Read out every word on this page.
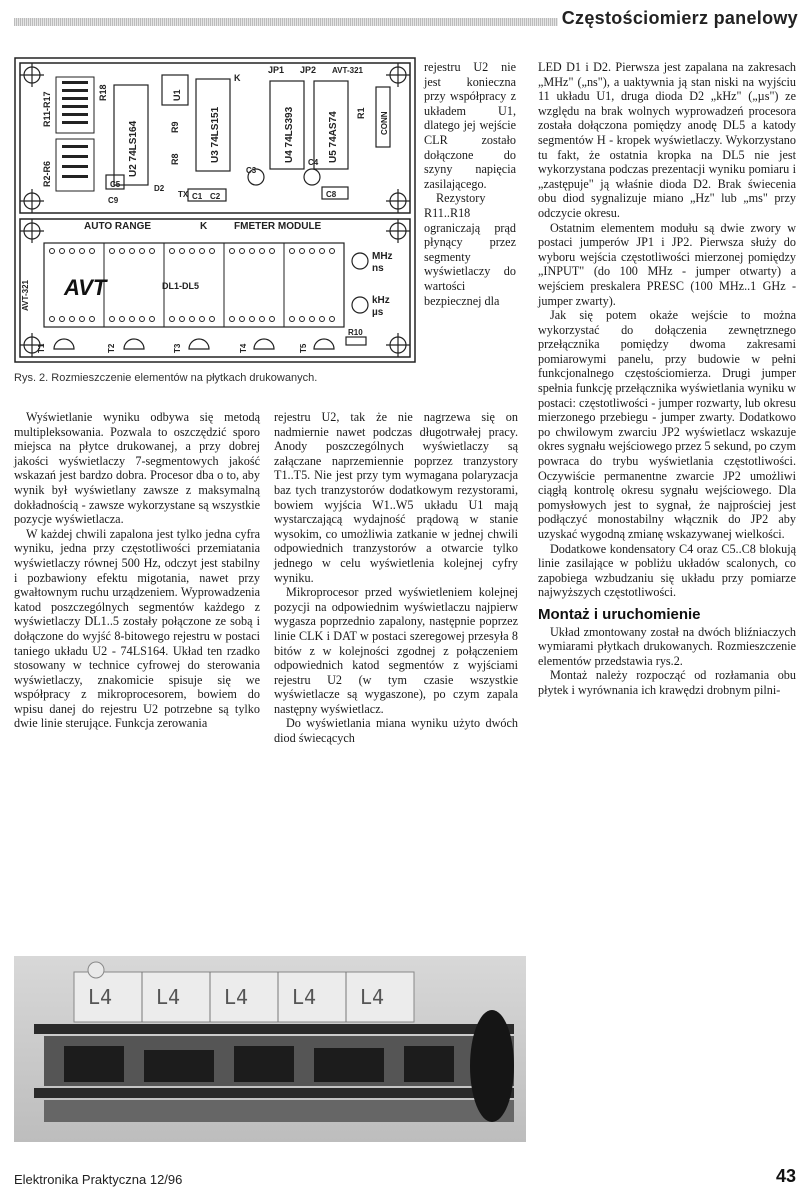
Częstościomierz panelowy
R11-R17
R2-R6	U2 74LS164	U3 74LS151	U4 74LS393	U5 74AS74
U1
R18
R9
R8
R1 CONN
K
JP1 JP2 AVT-321
C9
C5	D2
TX C1 C2
C3
C4
C8
AUTO RANGE	K	FMETER MODULE
AVT-321 AVT	DL1-DL5
MHz
ns
kHz
µs
T1	T2	T3	T4	T5
R10
Rys. 2. Rozmieszczenie elementów na płytkach drukowanych.

rejestru U2 nie jest konieczna przy współpracy z układem U1, dlatego jej wejście CLR zostało dołączone do szyny napięcia zasilającego.

Rezystory R11..R18 ograniczają prąd płynący przez segmenty wyświetlaczy do wartości bezpiecznej dla

Wyświetlanie wyniku odbywa się metodą multipleksowania. Pozwala to oszczędzić sporo miejsca na płytce drukowanej, a przy dobrej jakości wyświetlaczy 7-segmentowych jakość wskazań jest bardzo dobra. Procesor dba o to, aby wynik był wyświetlany zawsze z maksymalną dokładnością - zawsze wykorzystane są wszystkie pozycje wyświetlacza.

W każdej chwili zapalona jest tylko jedna cyfra wyniku, jedna przy częstotliwości przemiatania wyświetlaczy równej 500 Hz, odczyt jest stabilny i pozbawiony efektu migotania, nawet przy gwałtownym ruchu urządzeniem. Wyprowadzenia katod poszczególnych segmentów każdego z wyświetlaczy DL1..5 zostały połączone ze sobą i dołączone do wyjść 8-bitowego rejestru w postaci taniego układu U2 - 74LS164. Układ ten rzadko stosowany w technice cyfrowej do sterowania wyświetlaczy, znakomicie spisuje się we współpracy z mikroprocesorem, bowiem do wpisu danej do rejestru U2 potrzebne są tylko dwie linie sterujące. Funkcja zerowania

rejestru U2, tak że nie nagrzewa się on nadmiernie nawet podczas długotrwałej pracy. Anody poszczególnych wyświetlaczy są załączane naprzemiennie poprzez tranzystory T1..T5. Nie jest przy tym wymagana polaryzacja baz tych tranzystorów dodatkowym rezystorami, bowiem wyjścia W1..W5 układu U1 mają wystarczającą wydajność prądową w stanie wysokim, co umożliwia zatkanie w jednej chwili odpowiednich tranzystorów a otwarcie tylko jednego w celu wyświetlenia kolejnej cyfry wyniku.

Mikroprocesor przed wyświetleniem kolejnej pozycji na odpowiednim wyświetlaczu najpierw wygasza poprzednio zapalony, następnie poprzez linie CLK i DAT w postaci szeregowej przesyła 8 bitów z w kolejności zgodnej z połączeniem odpowiednich katod segmentów z wyjściami rejestru U2 (w tym czasie wszystkie wyświetlacze są wygaszone), po czym zapala następny wyświetlacz.

Do wyświetlania miana wyniku użyto dwóch diod świecących

LED D1 i D2. Pierwsza jest zapalana na zakresach „MHz" („ns"), a uaktywnia ją stan niski na wyjściu 11 układu U1, druga dioda D2 „kHz" („µs") ze względu na brak wolnych wyprowadzeń procesora została dołączona pomiędzy anodę DL5 a katody segmentów H - kropek wyświetlaczy. Wykorzystano tu fakt, że ostatnia kropka na DL5 nie jest wykorzystana podczas prezentacji wyniku pomiaru i „zastępuje" ją właśnie dioda D2. Brak świecenia obu diod sygnalizuje miano „Hz" lub „ms" przy odczycie okresu.

Ostatnim elementem modułu są dwie zwory w postaci jumperów JP1 i JP2. Pierwsza służy do wyboru wejścia częstotliwości mierzonej pomiędzy „INPUT" (do 100 MHz - jumper otwarty) a wejściem preskalera PRESC (100 MHz..1 GHz - jumper zwarty).

Jak się potem okaże wejście to można wykorzystać do dołączenia zewnętrznego przełącznika pomiędzy dwoma zakresami pomiarowymi panelu, przy budowie w pełni funkcjonalnego częstościomierza. Drugi jumper spełnia funkcję przełącznika wyświetlania wyniku w postaci: częstotliwości - jumper rozwarty, lub okresu mierzonego przebiegu - jumper zwarty. Dodatkowo po chwilowym zwarciu JP2 wyświetlacz wskazuje okres sygnału wejściowego przez 5 sekund, po czym powraca do trybu wyświetlania częstotliwości. Oczywiście permanentne zwarcie JP2 umożliwi ciągłą kontrolę okresu sygnału wejściowego. Dla pomysłowych jest to sygnał, że najprościej jest podłączyć monostabilny włącznik do JP2 aby uzyskać wygodną zmianę wskazywanej wielkości.

Dodatkowe kondensatory C4 oraz C5..C8 blokują linie zasilające w pobliżu układów scalonych, co zapobiega wzbudzaniu się układu przy pomiarze najwyższych częstotliwości.

Montaż i uruchomienie

Układ zmontowany został na dwóch bliźniaczych wymiarami płytkach drukowanych. Rozmieszczenie elementów przedstawia rys.2.

Montaż należy rozpocząć od rozłamania obu płytek i wyrównania ich krawędzi drobnym pilni-

L4 L4 L4 L4 L4
Elektronika Praktyczna 12/96	43
